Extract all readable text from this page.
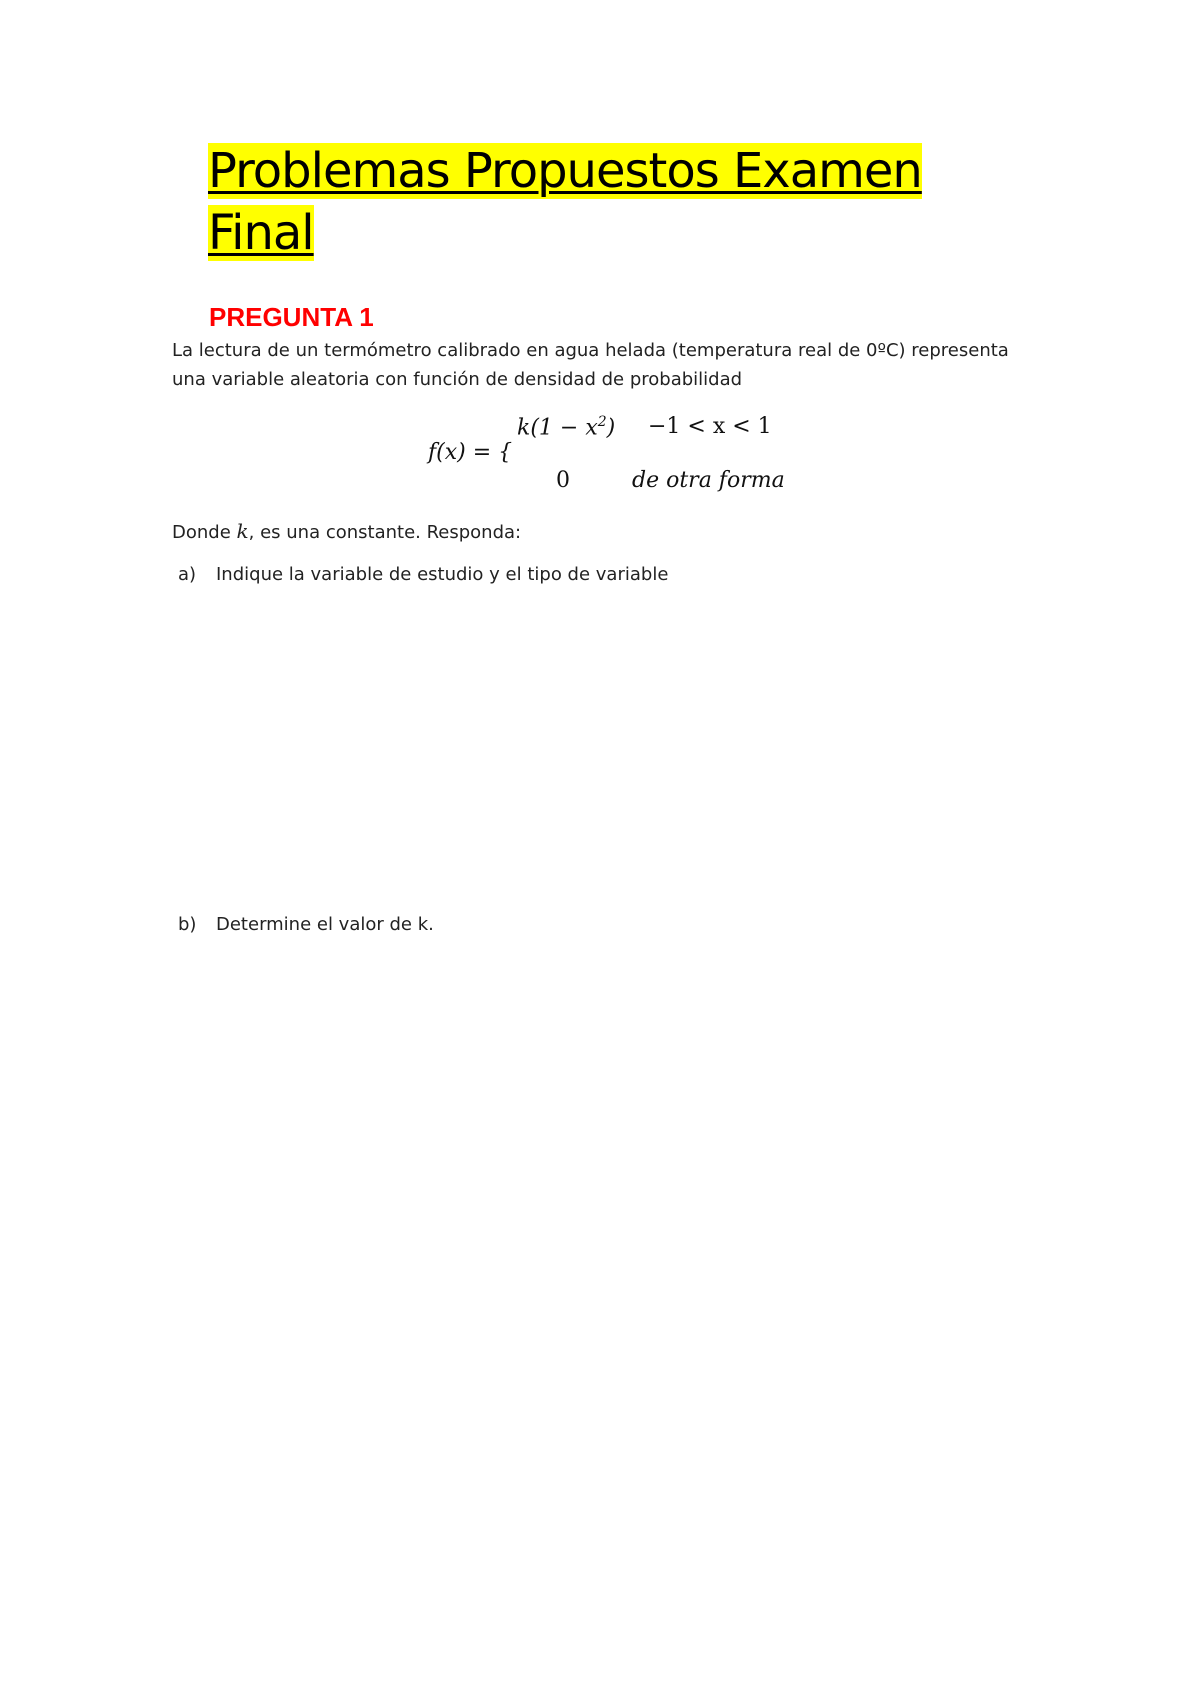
Problemas Propuestos Examen
Final
PREGUNTA 1

La lectura de un termómetro calibrado en agua helada (temperatura real de 0ºC) representa una variable aleatoria con función de densidad de probabilidad

f(x) = {
$k(1 - x^2) -1 < x < 1$
0	de otra forma

Donde k, es una constante. Responda:

a) Indique la variable de estudio y el tipo de variable
b) Determine el valor de k.
